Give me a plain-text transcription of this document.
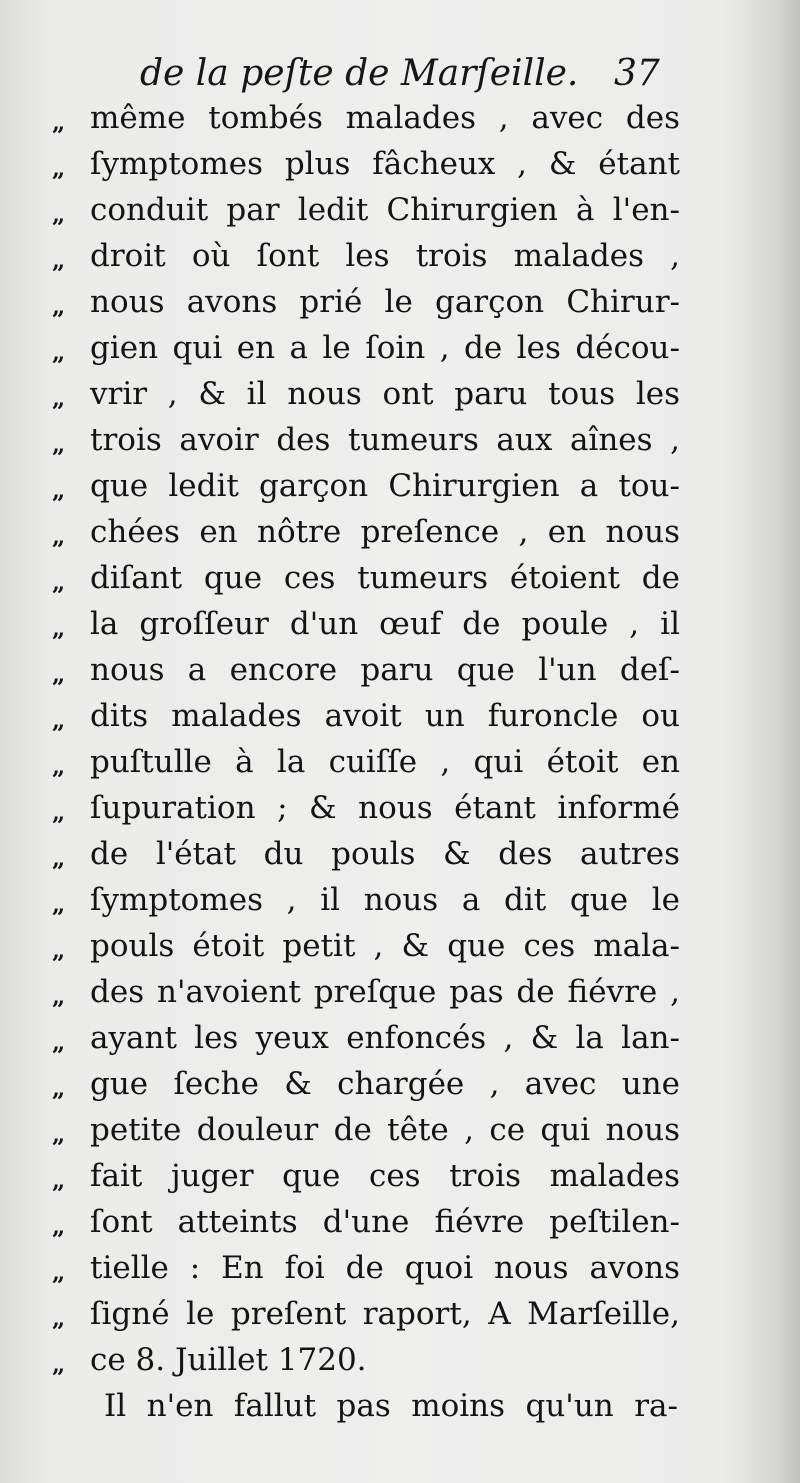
de la peſte de Marſeille. 37
„ même tombés malades , avec des
„ ſymptomes plus fâcheux , & étant
„ conduit par ledit Chirurgien à l'en-
„ droit où ſont les trois malades ,
„ nous avons prié le garçon Chirur-
„ gien qui en a le ſoin , de les décou-
„ vrir , & il nous ont paru tous les
„ trois avoir des tumeurs aux aînes ,
„ que ledit garçon Chirurgien a tou-
„ chées en nôtre preſence , en nous
„ diſant que ces tumeurs étoient de
„ la groſſeur d'un œuf de poule , il
„ nous a encore paru que l'un deſ-
„ dits malades avoit un furoncle ou
„ puſtulle à la cuiſſe , qui étoit en
„ ſupuration ; & nous étant informé
„ de l'état du pouls & des autres
„ ſymptomes , il nous a dit que le
„ pouls étoit petit , & que ces mala-
„ des n'avoient preſque pas de fiévre ,
„ ayant les yeux enfoncés , & la lan-
„ gue ſeche & chargée , avec une
„ petite douleur de tête , ce qui nous
„ fait juger que ces trois malades
„ ſont atteints d'une fiévre peſtilen-
„ tielle : En foi de quoi nous avons
„ ſigné le preſent raport, A Marſeille,
„ ce 8. Juillet 1720.
Il n'en fallut pas moins qu'un ra-
